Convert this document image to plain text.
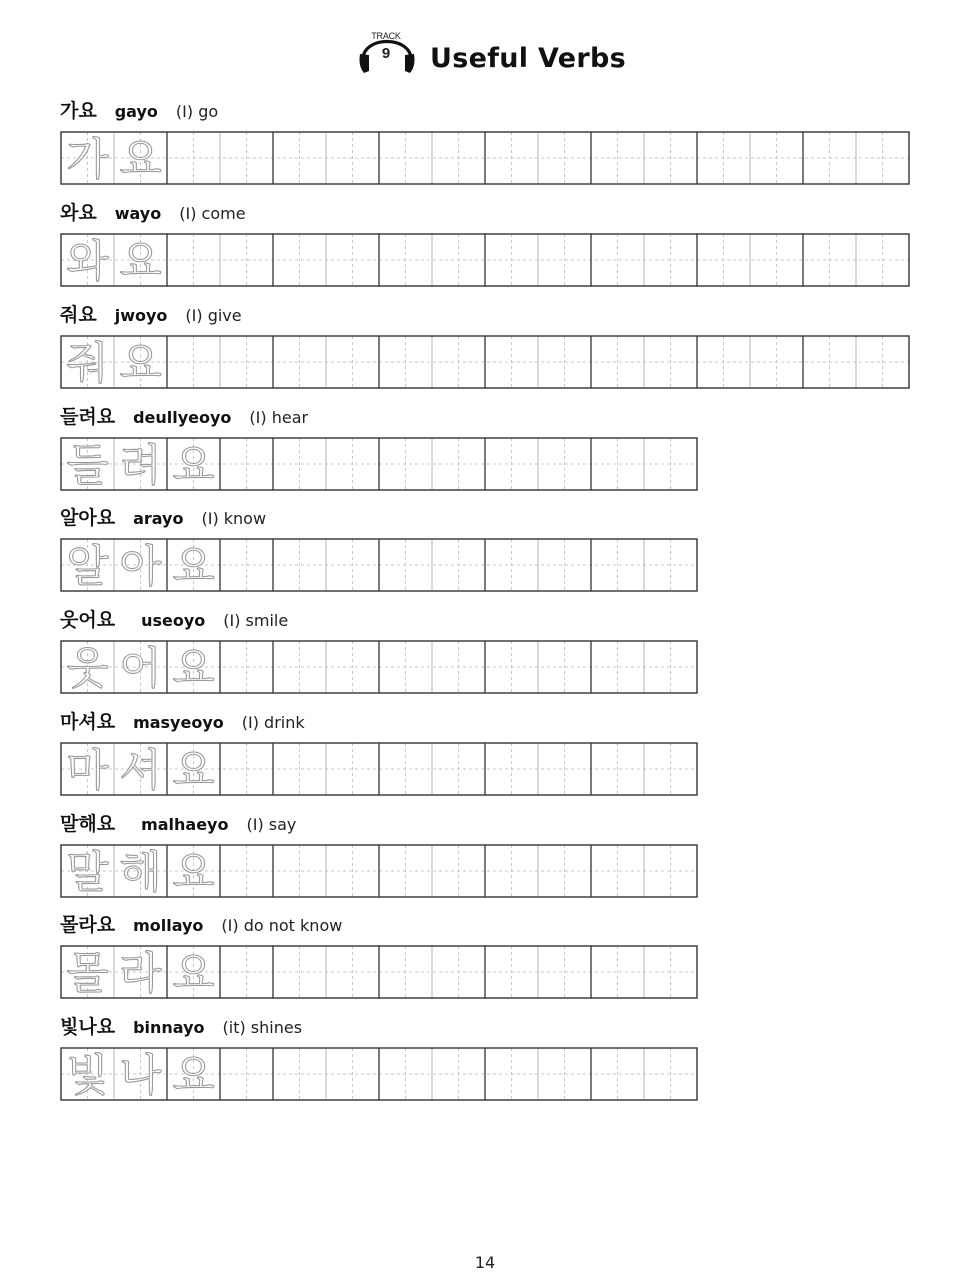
TRACK
9	Useful Verbs
가요 gayo (I) go
가 요
와요 wayo (I) come
와 요
줘요 jwoyo (I) give
줘 요
들려요 deullyeoyo (I) hear
들 려 요
알아요 arayo (I) know
알 아 요
웃어요 useoyo (I) smile
웃 어 요
마셔요 masyeoyo (I) drink
마 셔 요
말해요 malhaeyo (I) say
말 해 요
몰라요 mollayo (I) do not know
몰 라 요
빛나요 binnayo (it) shines
빛 나 요
14
